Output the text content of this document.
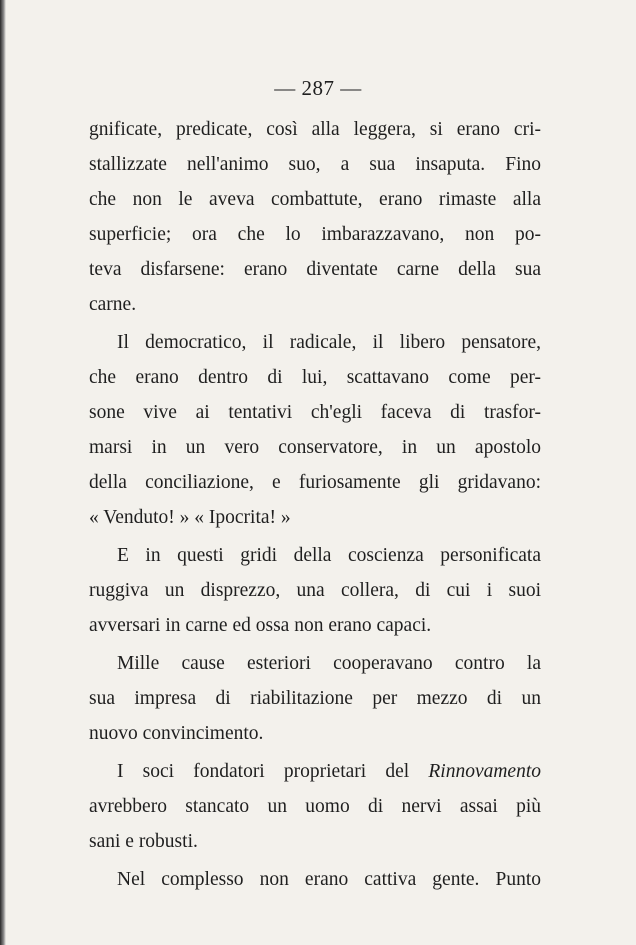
— 287 —
gnificate, predicate, così alla leggera, si erano cri-
stallizzate nell'animo suo, a sua insaputa. Fino
che non le aveva combattute, erano rimaste alla
superficie; ora che lo imbarazzavano, non po-
teva disfarsene: erano diventate carne della sua
carne.
Il democratico, il radicale, il libero pensatore,
che erano dentro di lui, scattavano come per-
sone vive ai tentativi ch'egli faceva di trasfor-
marsi in un vero conservatore, in un apostolo
della conciliazione, e furiosamente gli gridavano:
« Venduto! » « Ipocrita! »
E in questi gridi della coscienza personificata
ruggiva un disprezzo, una collera, di cui i suoi
avversari in carne ed ossa non erano capaci.
Mille cause esteriori cooperavano contro la
sua impresa di riabilitazione per mezzo di un
nuovo convincimento.
I soci fondatori proprietari del Rinnovamento
avrebbero stancato un uomo di nervi assai più
sani e robusti.
Nel complesso non erano cattiva gente. Punto
